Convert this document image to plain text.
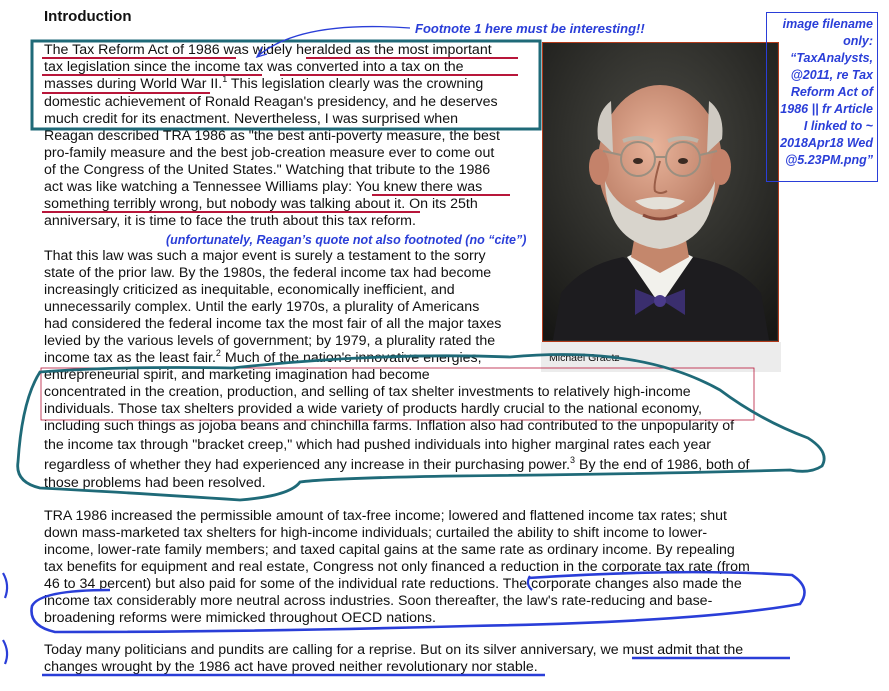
Introduction
The Tax Reform Act of 1986 was widely heralded as the most important
tax legislation since the income tax was converted into a tax on the
masses during World War II.$^1$ This legislation clearly was the crowning
domestic achievement of Ronald Reagan's presidency, and he deserves
much credit for its enactment. Nevertheless, I was surprised when
Reagan described TRA 1986 as "the best anti-poverty measure, the best
pro-family measure and the best job-creation measure ever to come out
of the Congress of the United States." Watching that tribute to the 1986
act was like watching a Tennessee Williams play: You knew there was
something terribly wrong, but nobody was talking about it. On its 25th
anniversary, it is time to face the truth about this tax reform.
(unfortunately, Reagan’s quote not also footnoted (no “cite”)
That this law was such a major event is surely a testament to the sorry
state of the prior law. By the 1980s, the federal income tax had become
increasingly criticized as inequitable, economically inefficient, and
unnecessarily complex. Until the early 1970s, a plurality of Americans
had considered the federal income tax the most fair of all the major taxes
levied by the various levels of government; by 1979, a plurality rated the
income tax as the least fair.$^2$ Much of the nation's innovative energies,
entrepreneurial spirit, and marketing imagination had become
concentrated in the creation, production, and selling of tax shelter investments to relatively high-income
individuals. Those tax shelters provided a wide variety of products hardly crucial to the national economy,
including such things as jojoba beans and chinchilla farms. Inflation also had contributed to the unpopularity of
the income tax through "bracket creep," which had pushed individuals into higher marginal rates each year
regardless of whether they had experienced any increase in their purchasing power.$^3$ By the end of 1986, both of
those problems had been resolved.
TRA 1986 increased the permissible amount of tax-free income; lowered and flattened income tax rates; shut
down mass-marketed tax shelters for high-income individuals; curtailed the ability to shift income to lower-
income, lower-rate family members; and taxed capital gains at the same rate as ordinary income. By repealing
tax benefits for equipment and real estate, Congress not only financed a reduction in the corporate tax rate (from
46 to 34 percent) but also paid for some of the individual rate reductions. The corporate changes also made the
income tax considerably more neutral across industries. Soon thereafter, the law's rate-reducing and base-
broadening reforms were mimicked throughout OECD nations.
Today many politicians and pundits are calling for a reprise. But on its silver anniversary, we must admit that the
changes wrought by the 1986 act have proved neither revolutionary nor stable.
Michael Graetz
image filename
only:
“TaxAnalysts,
@2011, re Tax
Reform Act of
1986 || fr Article
I linked to ~
2018Apr18 Wed
@5.23PM.png”
Footnote 1 here must be interesting!!
